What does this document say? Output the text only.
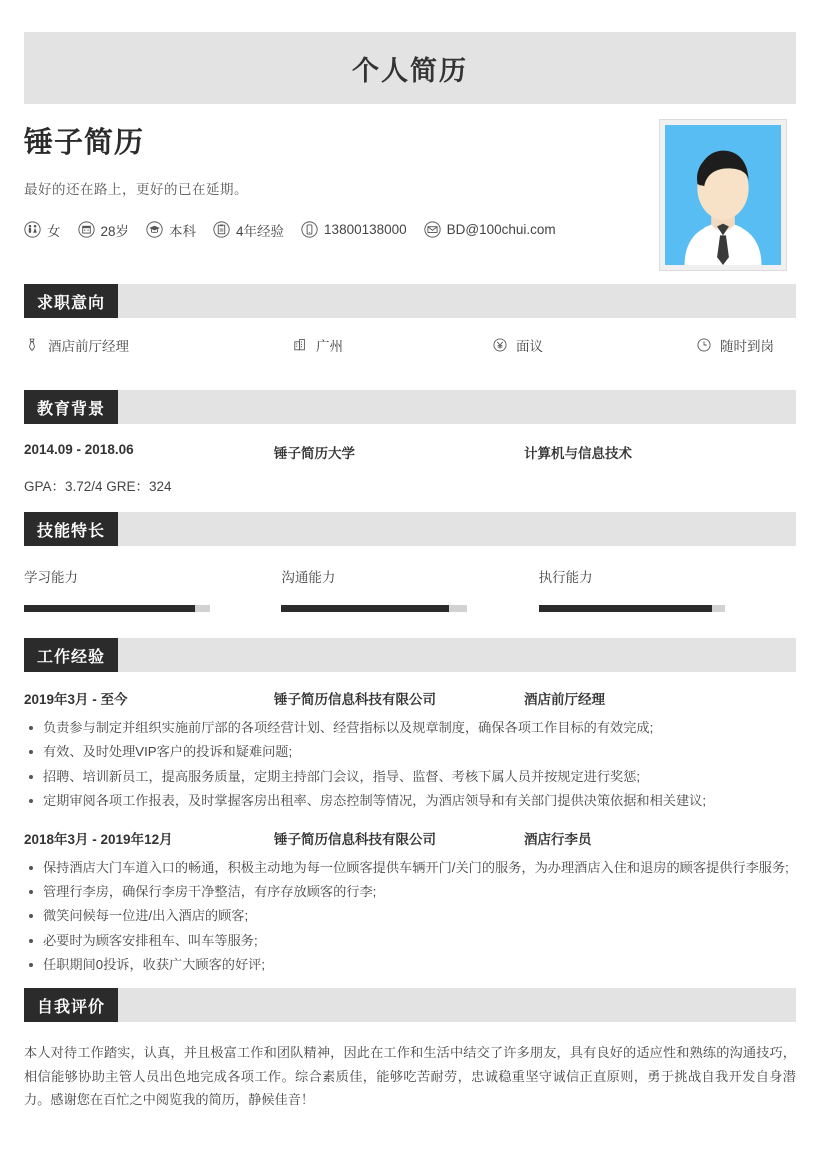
个人简历
锤子简历
最好的还在路上，更好的已在延期。
女	28岁	本科	4年经验	13800138000	BD@100chui.com
求职意向
酒店前厅经理	广州	面议	随时到岗
教育背景
2014.09 - 2018.06	锤子简历大学	计算机与信息技术
GPA：3.72/4 GRE：324
技能特长
学习能力	沟通能力	执行能力
工作经验
2019年3月 - 至今	锤子简历信息科技有限公司	酒店前厅经理
负责参与制定并组织实施前厅部的各项经营计划、经营指标以及规章制度，确保各项工作目标的有效完成;
有效、及时处理VIP客户的投诉和疑难问题;
招聘、培训新员工，提高服务质量，定期主持部门会议，指导、监督、考核下属人员并按规定进行奖惩;
定期审阅各项工作报表，及时掌握客房出租率、房态控制等情况，为酒店领导和有关部门提供决策依据和相关建议;
2018年3月 - 2019年12月	锤子简历信息科技有限公司	酒店行李员
保持酒店大门车道入口的畅通，积极主动地为每一位顾客提供车辆开门/关门的服务，为办理酒店入住和退房的顾客提供行李服务;
管理行李房，确保行李房干净整洁，有序存放顾客的行李;
微笑问候每一位进/出入酒店的顾客;
必要时为顾客安排租车、叫车等服务;
任职期间0投诉，收获广大顾客的好评;
自我评价
本人对待工作踏实，认真，并且极富工作和团队精神，因此在工作和生活中结交了许多朋友，具有良好的适应性和熟练的沟通技巧，相信能够协助主管人员出色地完成各项工作。综合素质佳，能够吃苦耐劳，忠诚稳重坚守诚信正直原则，勇于挑战自我开发自身潜力。感谢您在百忙之中阅览我的简历，静候佳音！
